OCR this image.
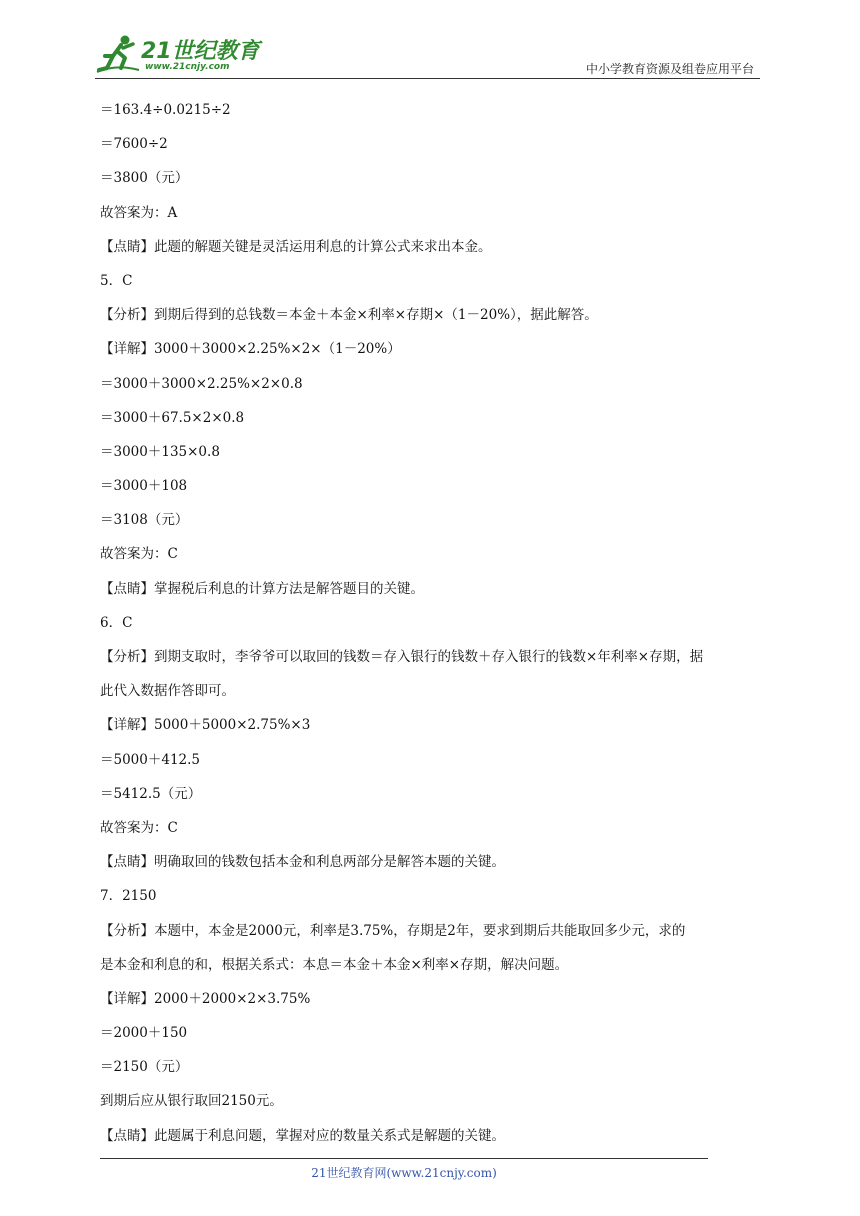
21世纪教育
www.21cnjy.com	中小学教育资源及组卷应用平台
＝163.4÷0.0215÷2
＝7600÷2
＝3800（元）
故答案为：A
【点睛】此题的解题关键是灵活运用利息的计算公式来求出本金。
5．C
【分析】到期后得到的总钱数＝本金＋本金×利率×存期×（1－20%），据此解答。
【详解】3000＋3000×2.25%×2×（1－20%）
＝3000＋3000×2.25%×2×0.8
＝3000＋67.5×2×0.8
＝3000＋135×0.8
＝3000＋108
＝3108（元）
故答案为：C
【点睛】掌握税后利息的计算方法是解答题目的关键。
6．C
【分析】到期支取时，李爷爷可以取回的钱数＝存入银行的钱数＋存入银行的钱数×年利率×存期，据
此代入数据作答即可。
【详解】5000＋5000×2.75%×3
＝5000＋412.5
＝5412.5（元）
故答案为：C
【点睛】明确取回的钱数包括本金和利息两部分是解答本题的关键。
7．2150
【分析】本题中，本金是2000元，利率是3.75%，存期是2年，要求到期后共能取回多少元，求的
是本金和利息的和，根据关系式：本息＝本金＋本金×利率×存期，解决问题。
【详解】2000＋2000×2×3.75%
＝2000＋150
＝2150（元）
到期后应从银行取回2150元。
【点睛】此题属于利息问题，掌握对应的数量关系式是解题的关键。
21世纪教育网(www.21cnjy.com)
